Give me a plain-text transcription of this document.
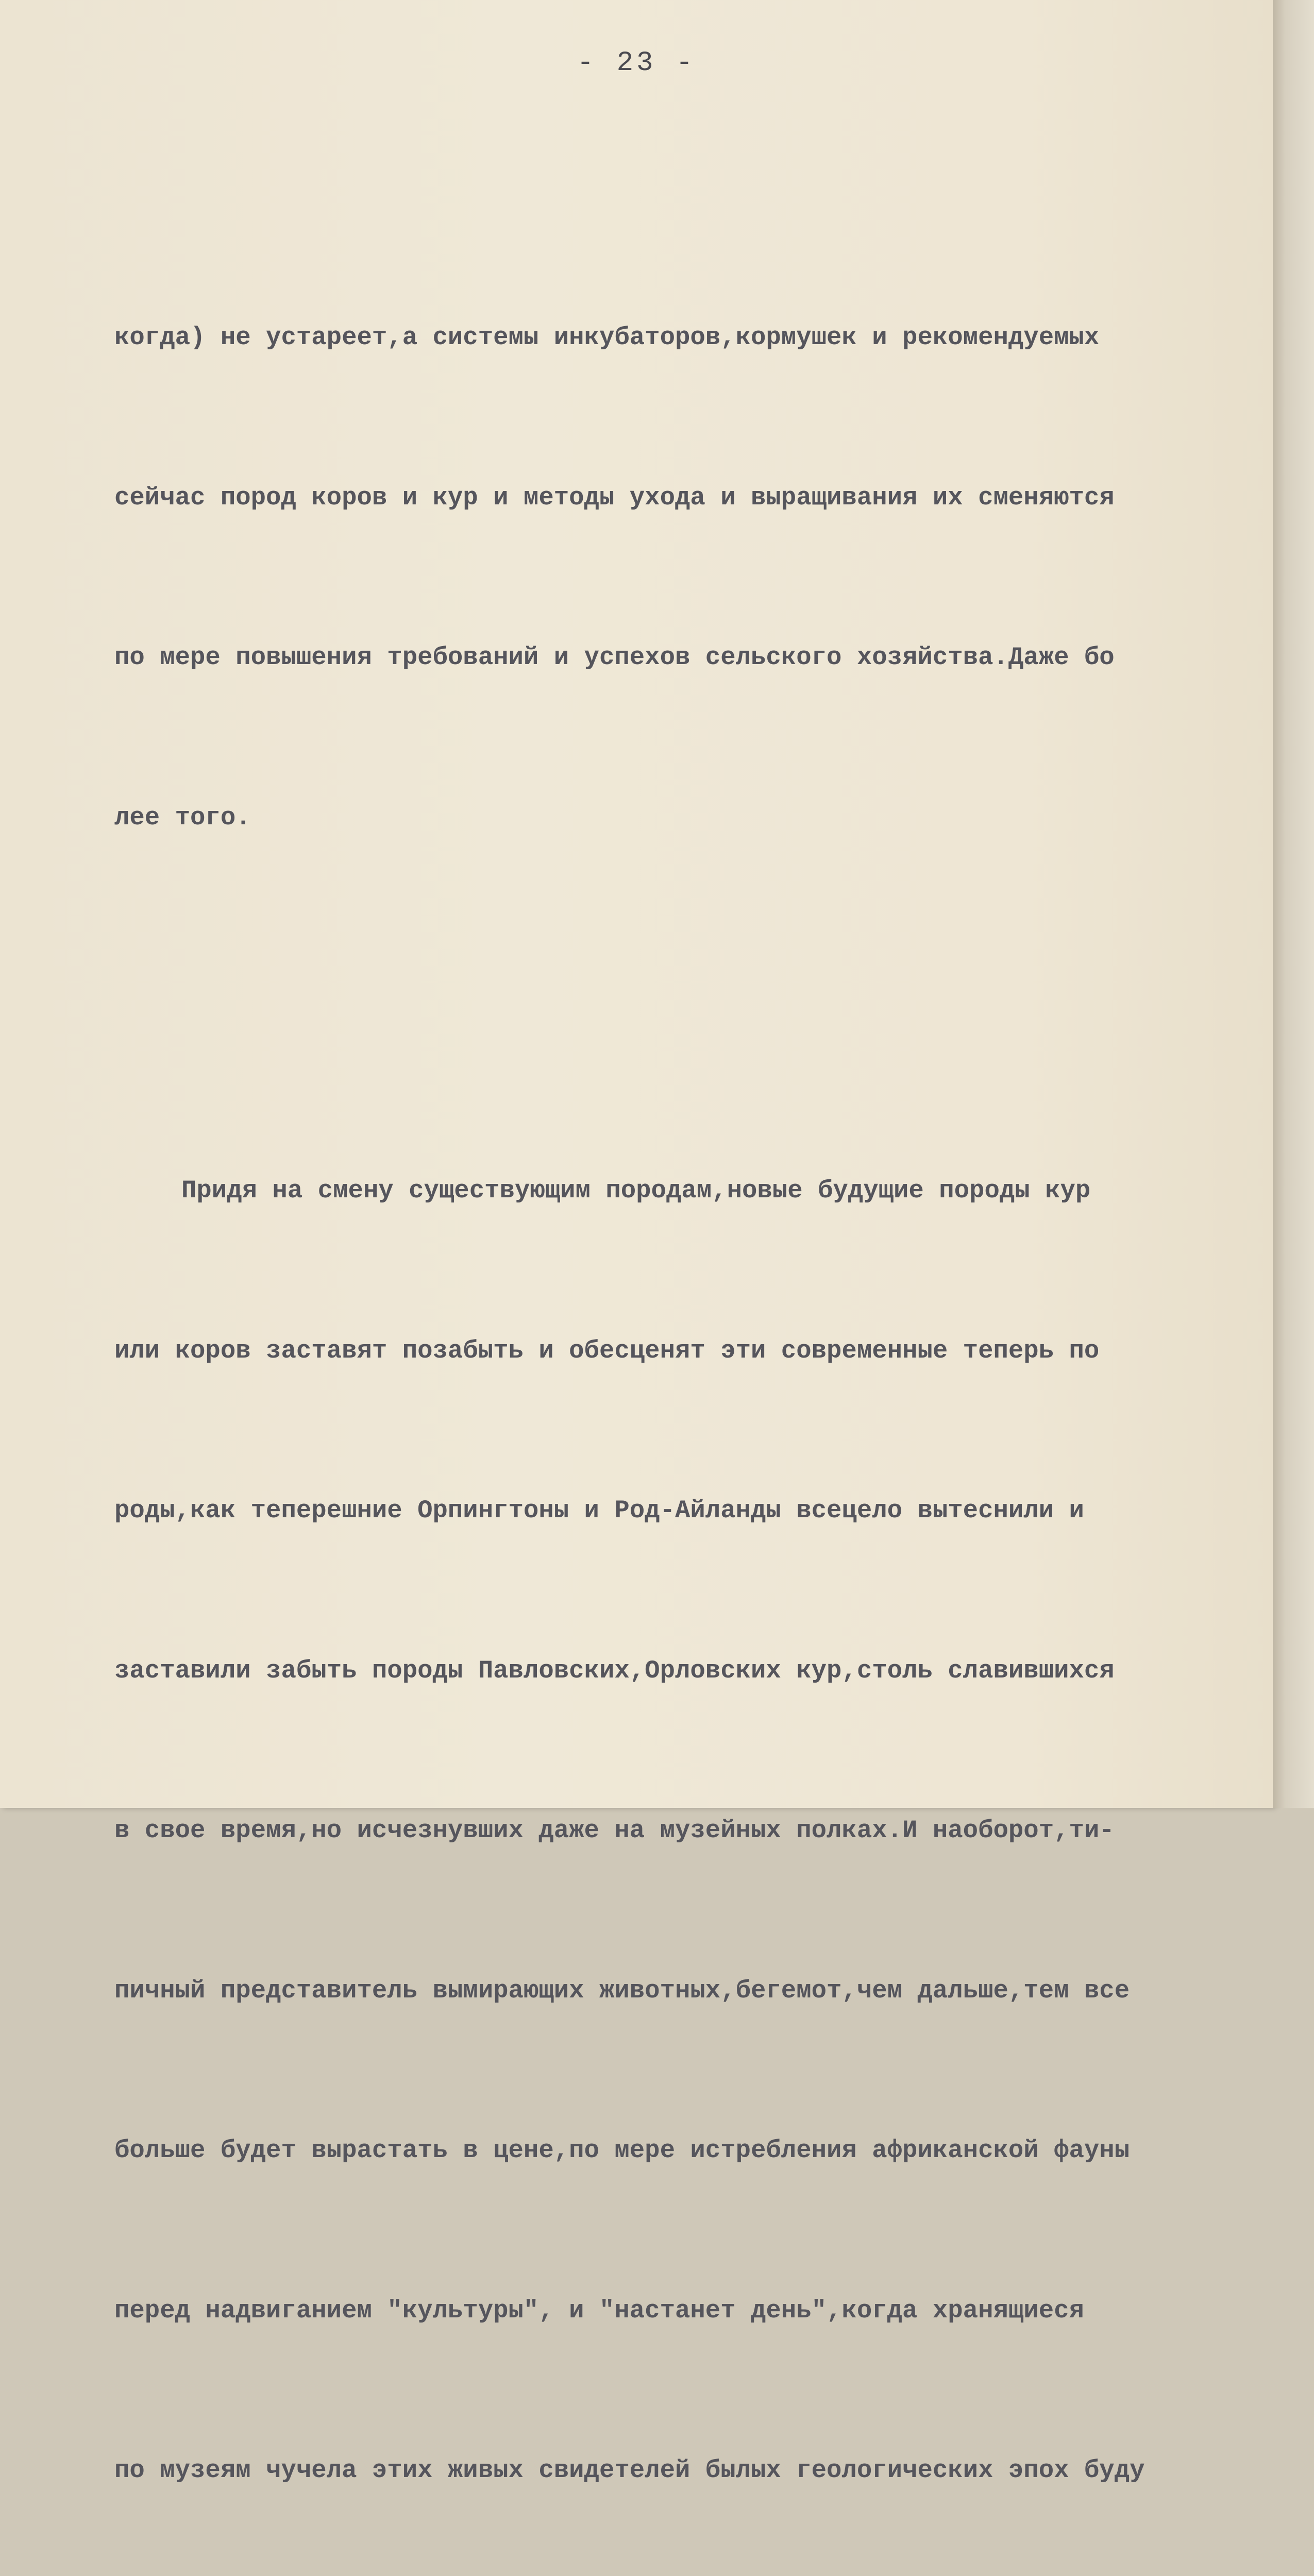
- 23 -

когда) не устареет,а системы инкубаторов,кормушек и рекомендуемых

сейчас пород коров и кур и методы ухода и выращивания их сменяются

по мере повышения требований и успехов сельского хозяйства.Даже бо

лее того.

Придя на смену существующим породам,новые будущие породы кур

или коров заставят позабыть и обесценят эти современные теперь по

роды,как теперешние Орпингтоны и Род-Айланды всецело вытеснили и

заставили забыть породы Павловских,Орловских кур,столь славившихся

в свое время,но исчезнувших даже на музейных полках.И наоборот,ти-

пичный представитель вымирающих животных,бегемот,чем дальше,тем все

больше будет вырастать в цене,по мере истребления африканской фауны

перед надвиганием "культуры", и "настанет день",когда хранящиеся

по музеям чучела этих живых свидетелей былых геологических эпох буду
